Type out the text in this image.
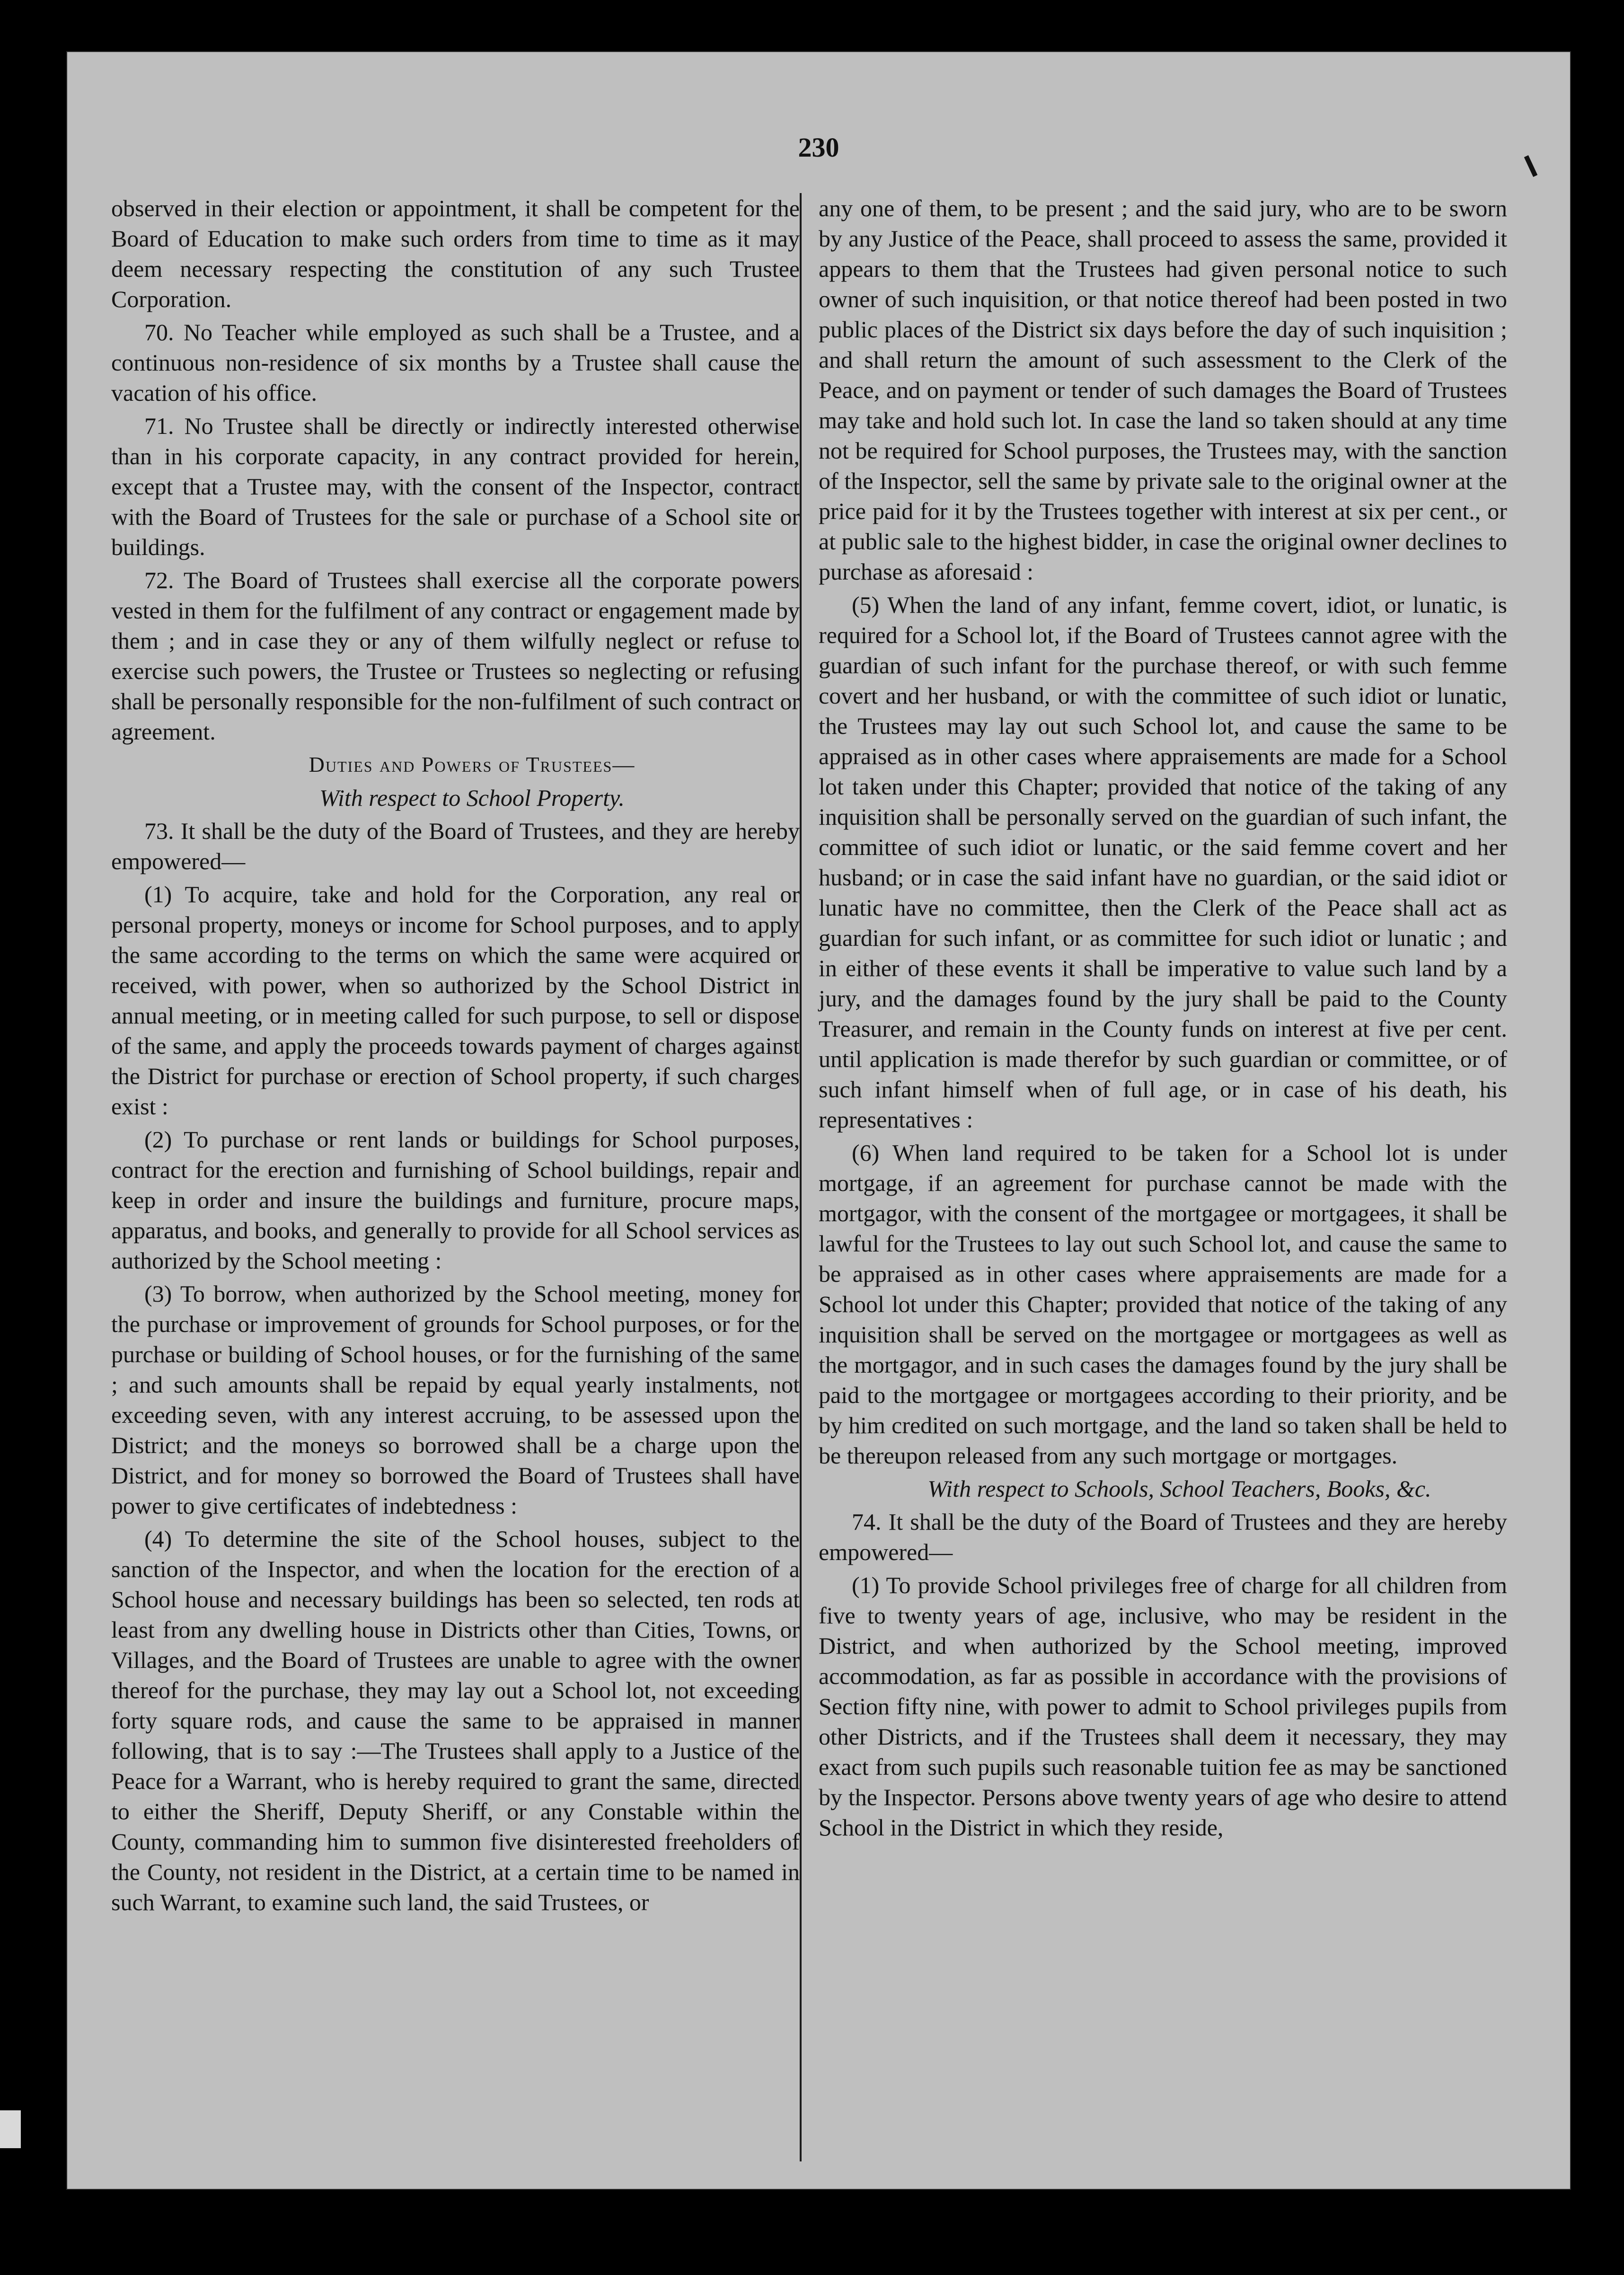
230

observed in their election or appointment, it shall be competent for the Board of Education to make such orders from time to time as it may deem necessary respecting the constitution of any such Trustee Corporation.

70. No Teacher while employed as such shall be a Trustee, and a continuous non-residence of six months by a Trustee shall cause the vacation of his office.

71. No Trustee shall be directly or indirectly interested otherwise than in his corporate capacity, in any contract provided for herein, except that a Trustee may, with the consent of the Inspector, contract with the Board of Trustees for the sale or purchase of a School site or buildings.

72. The Board of Trustees shall exercise all the corporate powers vested in them for the fulfilment of any contract or engagement made by them ; and in case they or any of them wilfully neglect or refuse to exercise such powers, the Trustee or Trustees so neglecting or refusing shall be personally responsible for the non-fulfilment of such contract or agreement.

Duties and Powers of Trustees—

With respect to School Property.

73. It shall be the duty of the Board of Trustees, and they are hereby empowered—

(1) To acquire, take and hold for the Corporation, any real or personal property, moneys or income for School purposes, and to apply the same according to the terms on which the same were acquired or received, with power, when so authorized by the School District in annual meeting, or in meeting called for such purpose, to sell or dispose of the same, and apply the proceeds towards payment of charges against the District for purchase or erection of School property, if such charges exist :

(2) To purchase or rent lands or buildings for School purposes, contract for the erection and furnishing of School buildings, repair and keep in order and insure the buildings and furniture, procure maps, apparatus, and books, and generally to provide for all School services as authorized by the School meeting :

(3) To borrow, when authorized by the School meeting, money for the purchase or improvement of grounds for School purposes, or for the purchase or building of School houses, or for the furnishing of the same ; and such amounts shall be repaid by equal yearly instalments, not exceeding seven, with any interest accruing, to be assessed upon the District; and the moneys so borrowed shall be a charge upon the District, and for money so borrowed the Board of Trustees shall have power to give certificates of indebtedness :

(4) To determine the site of the School houses, subject to the sanction of the Inspector, and when the location for the erection of a School house and necessary buildings has been so selected, ten rods at least from any dwelling house in Districts other than Cities, Towns, or Villages, and the Board of Trustees are unable to agree with the owner thereof for the purchase, they may lay out a School lot, not exceeding forty square rods, and cause the same to be appraised in manner following, that is to say :—The Trustees shall apply to a Justice of the Peace for a Warrant, who is hereby required to grant the same, directed to either the Sheriff, Deputy Sheriff, or any Constable within the County, commanding him to summon five disinterested freeholders of the County, not resident in the District, at a certain time to be named in such Warrant, to examine such land, the said Trustees, or

any one of them, to be present ; and the said jury, who are to be sworn by any Justice of the Peace, shall proceed to assess the same, provided it appears to them that the Trustees had given personal notice to such owner of such inquisition, or that notice thereof had been posted in two public places of the District six days before the day of such inquisition ; and shall return the amount of such assessment to the Clerk of the Peace, and on payment or tender of such damages the Board of Trustees may take and hold such lot. In case the land so taken should at any time not be required for School purposes, the Trustees may, with the sanction of the Inspector, sell the same by private sale to the original owner at the price paid for it by the Trustees together with interest at six per cent., or at public sale to the highest bidder, in case the original owner declines to purchase as aforesaid :

(5) When the land of any infant, femme covert, idiot, or lunatic, is required for a School lot, if the Board of Trustees cannot agree with the guardian of such infant for the purchase thereof, or with such femme covert and her husband, or with the committee of such idiot or lunatic, the Trustees may lay out such School lot, and cause the same to be appraised as in other cases where appraisements are made for a School lot taken under this Chapter; provided that notice of the taking of any inquisition shall be personally served on the guardian of such infant, the committee of such idiot or lunatic, or the said femme covert and her husband; or in case the said infant have no guardian, or the said idiot or lunatic have no committee, then the Clerk of the Peace shall act as guardian for such infant, or as committee for such idiot or lunatic ; and in either of these events it shall be imperative to value such land by a jury, and the damages found by the jury shall be paid to the County Treasurer, and remain in the County funds on interest at five per cent. until application is made therefor by such guardian or committee, or of such infant himself when of full age, or in case of his death, his representatives :

(6) When land required to be taken for a School lot is under mortgage, if an agreement for purchase cannot be made with the mortgagor, with the consent of the mortgagee or mortgagees, it shall be lawful for the Trustees to lay out such School lot, and cause the same to be appraised as in other cases where appraisements are made for a School lot under this Chapter; provided that notice of the taking of any inquisition shall be served on the mortgagee or mortgagees as well as the mortgagor, and in such cases the damages found by the jury shall be paid to the mortgagee or mortgagees according to their priority, and be by him credited on such mortgage, and the land so taken shall be held to be thereupon released from any such mortgage or mortgages.

With respect to Schools, School Teachers, Books, &c.

74. It shall be the duty of the Board of Trustees and they are hereby empowered—

(1) To provide School privileges free of charge for all children from five to twenty years of age, inclusive, who may be resident in the District, and when authorized by the School meeting, improved accommodation, as far as possible in accordance with the provisions of Section fifty nine, with power to admit to School privileges pupils from other Districts, and if the Trustees shall deem it necessary, they may exact from such pupils such reasonable tuition fee as may be sanctioned by the Inspector. Persons above twenty years of age who desire to attend School in the District in which they reside,
